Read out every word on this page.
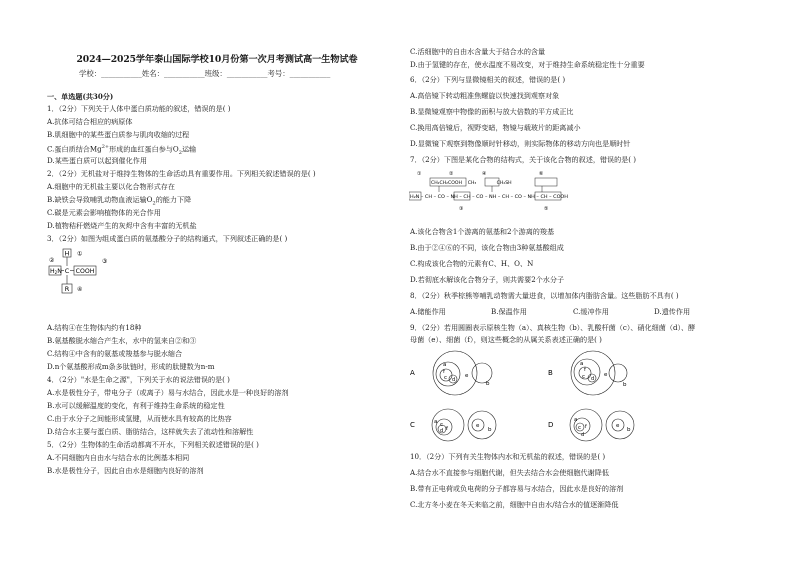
2024—2025学年泰山国际学校10月份第一次月考测试高一生物试卷
学校：___________姓名：___________班级：___________考号：___________
一、单选题(共30分)
1．（2分）下列关于人体中蛋白质功能的叙述，错误的是( )
A.抗体可结合相应的病原体
B.肌细胞中的某些蛋白质参与肌肉收缩的过程
C.蛋白质结合$Mg^{2+}$形成的血红蛋白参与$O_2$运输
D.某些蛋白质可以起到催化作用
2．（2分）无机盐对于维持生物体的生命活动具有重要作用。下列相关叙述错误的是( )
A.细胞中的无机盐主要以化合物形式存在
B.缺铁会导致哺乳动物血液运输$O_2$的能力下降
C.碳是元素会影响植物体的光合作用
D.植物秸秆燃烧产生的灰烬中含有丰富的无机盐
3．（2分）如图为组成蛋白质的氨基酸分子的结构通式，下列叙述正确的是( )
H ①
H2N C COOH
③
②
R ④
A.结构④在生物体内约有18种
B.氨基酸脱水缩合产生水，水中的氢来自②和③
C.结构④中含有的氨基或羧基参与脱水缩合
D.n个氨基酸形成m条多肽链时，形成的肽键数为n-m
4．（2分）"水是生命之源"，下列关于水的说法错误的是( )
A.水是极性分子，带电分子（或离子）易与水结合，因此水是一种良好的溶剂
B.水可以缓解温度的变化，有利于维持生命系统的稳定性
C.由于水分子之间能形成氢键，从而使水具有较高的比热容
D.结合水主要与蛋白质、脂肪结合，这样就失去了流动性和溶解性
5．（2分）生物体的生命活动都离不开水，下列相关叙述错误的是( )
A.不同细胞内自由水与结合水的比例基本相同
B.水是极性分子，因此自由水是细胞内良好的溶剂
C.活细胞中的自由水含量大于结合水的含量
D.由于氢键的存在，使水温度不易改变，对于维持生命系统稳定性十分重要
6．（2分）下列与显微镜相关的叙述，错误的是( )
A.高倍镜下转动粗准焦螺旋以快速找到观察对象
B.显微镜观察中物像的面积与放大倍数的平方成正比
C.换用高倍镜后，视野变暗，物镜与载玻片的距离减小
D.显微镜下观察到物像顺时针移动，则实际物体的移动方向也是顺时针
7．（2分）下图是某化合物的结构式，关于该化合物的叙述，错误的是( )
①	②	④	⑥
CH₂CH₂COOH    CH₃              CH₂SH
H₂N – CH – CO – NH – CH – CO – NH – CH – CO – NH – CH – COOH
③	⑤
A.该化合物含1个游离的氨基和2个游离的羧基
B.由于②④⑥的不同，该化合物由3种氨基酸组成
C.构成该化合物的元素有C、H、O、N
D.若彻底水解该化合物分子，则共需要2个水分子
8．（2分）秋季棕熊等哺乳动物需大量进食，以增加体内脂肪含量。这些脂肪不具有( )
A.储能作用	B.保温作用	C.缓冲作用	D.遗传作用
9．（2分）若用圆圈表示原核生物（a）、真核生物（b）、乳酸杆菌（c）、硝化细菌（d）、酵
母菌（e）、细菌（f），则这些概念的从属关系表述正确的是( )
A
a
f
c d
e
b
B
a
f
c d
e
b
C	a c
d f	e
b
D
a
c f
d
e
b
10．（2分）下列有关生物体内水和无机盐的叙述，错误的是( )
A.结合水不直接参与细胞代谢，但失去结合水会使细胞代谢降低
B.带有正电荷或负电荷的分子都容易与水结合，因此水是良好的溶剂
C.北方冬小麦在冬天来临之前，细胞中自由水/结合水的值逐渐降低
